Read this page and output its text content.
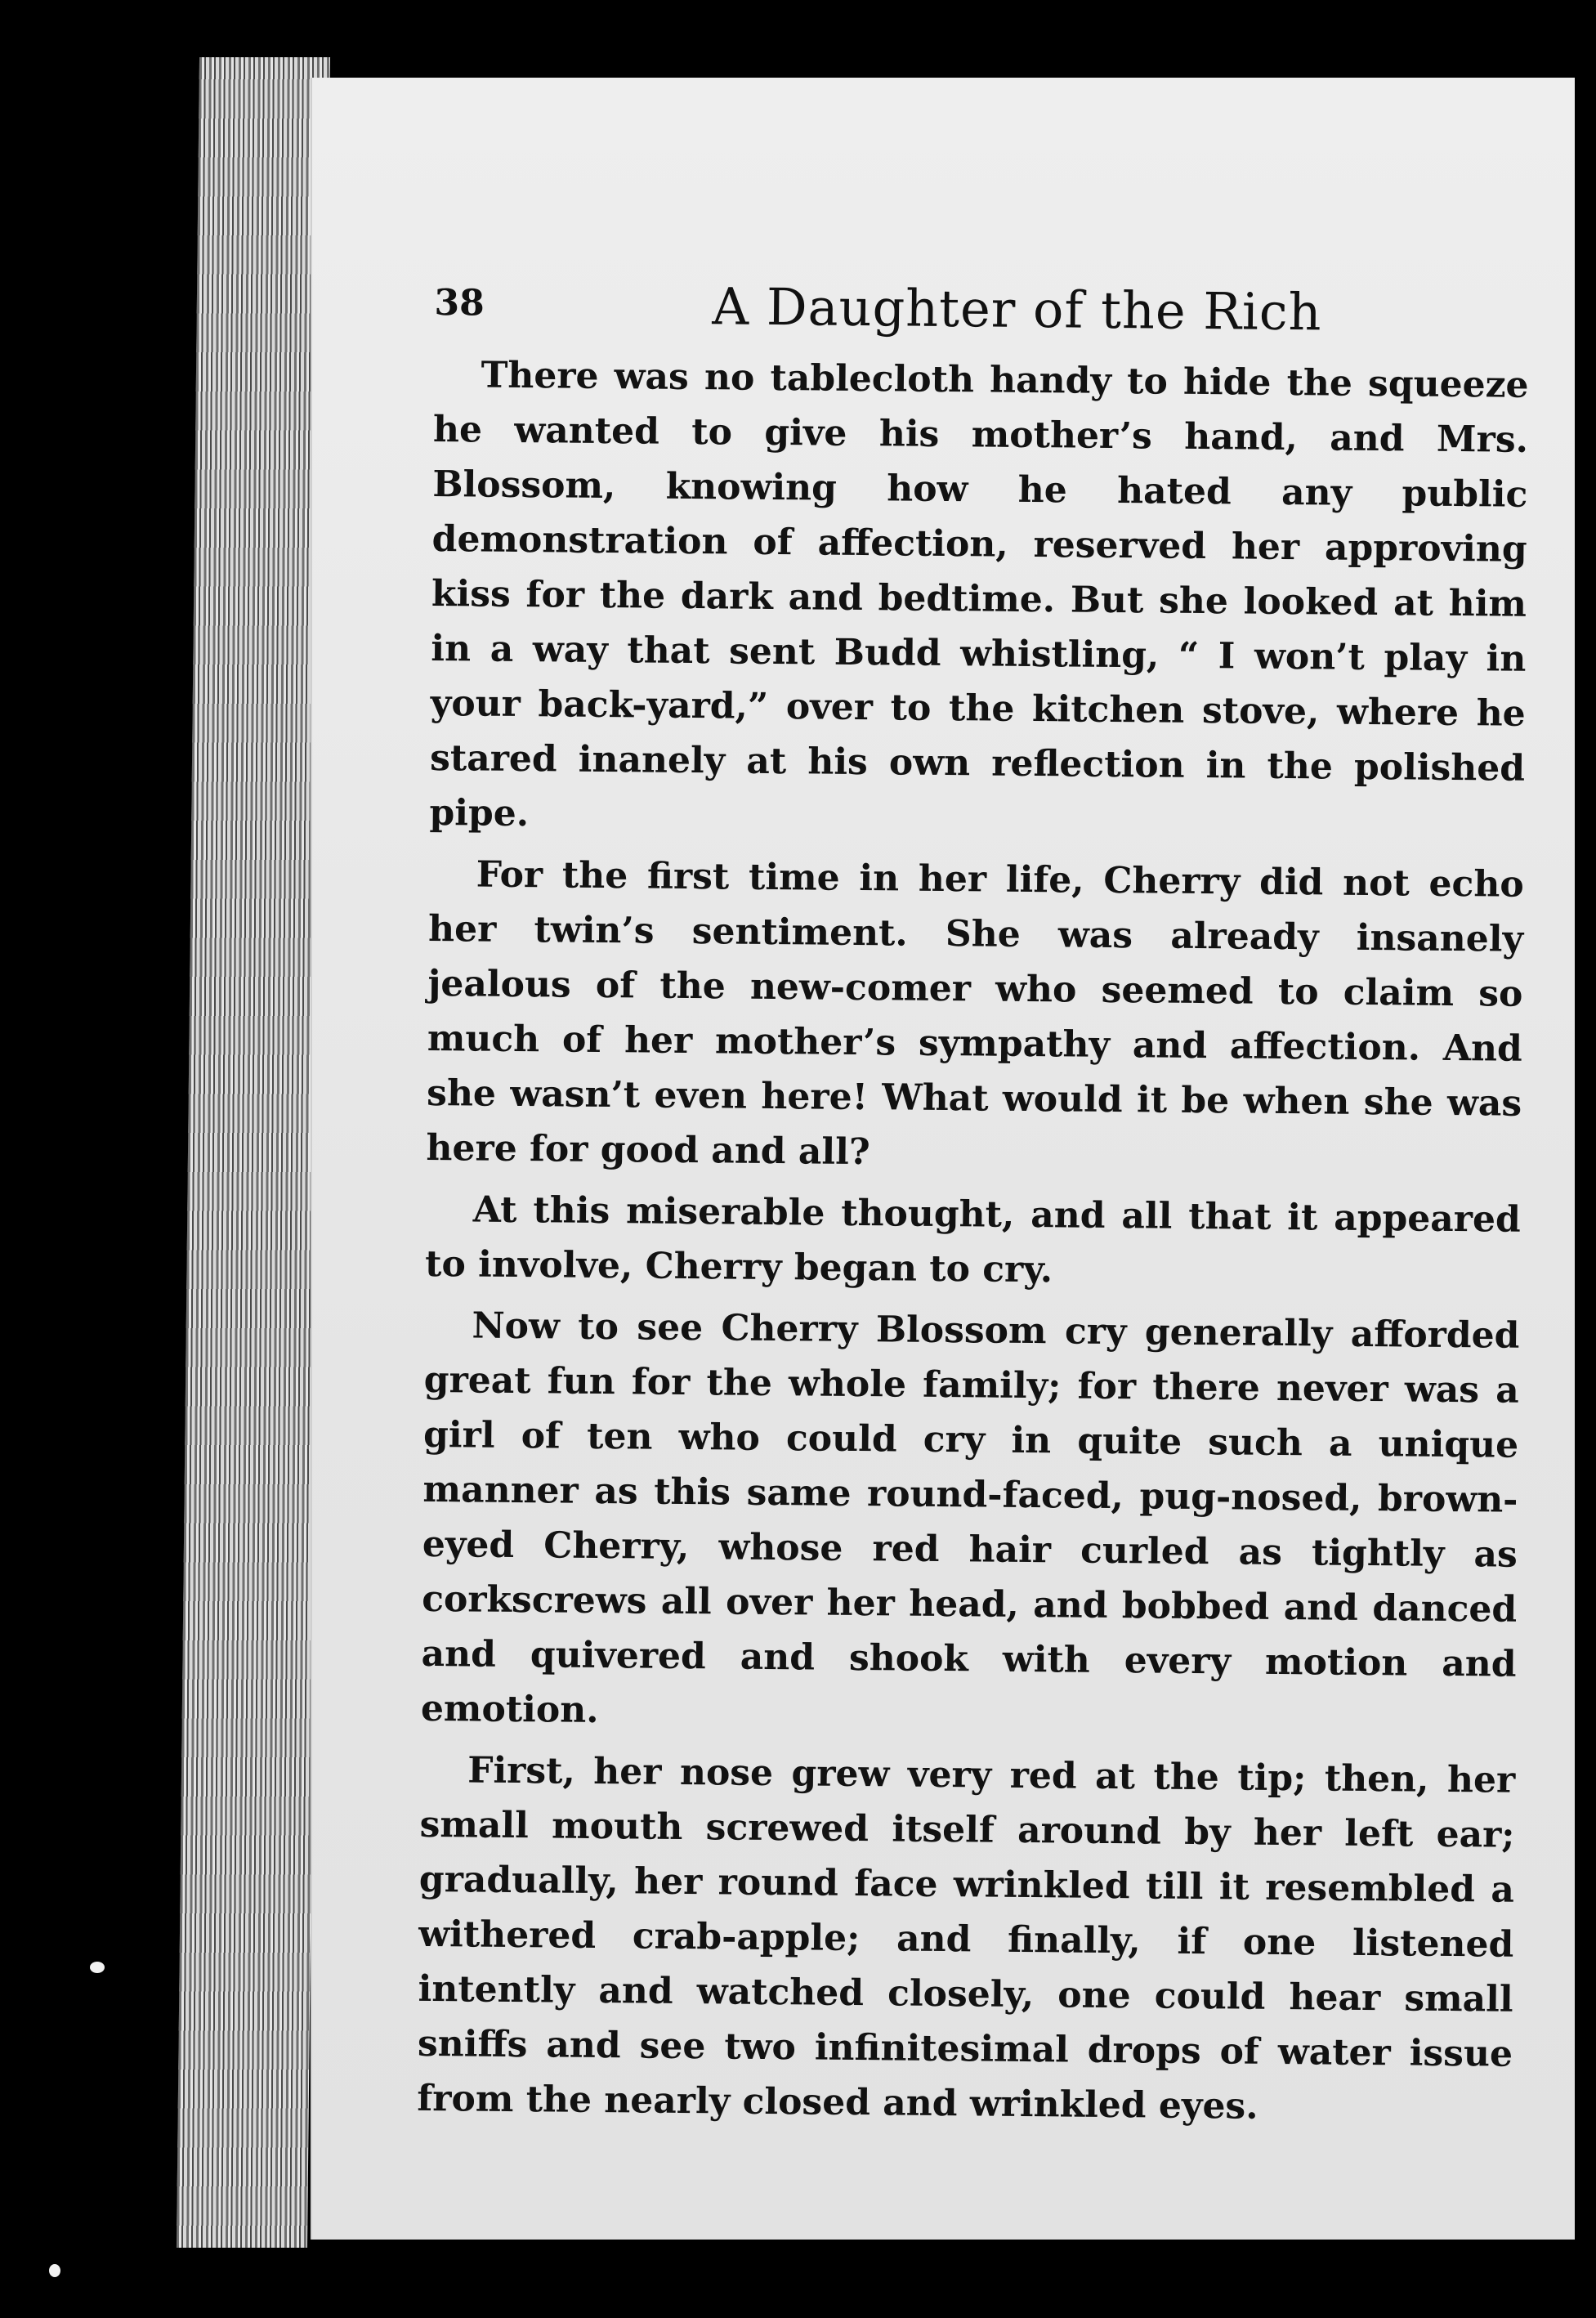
38	A Daughter of the Rich

There was no tablecloth handy to hide the squeeze he wanted to give his mother’s hand, and Mrs. Blossom, knowing how he hated any public demonstration of affection, reserved her approving kiss for the dark and bedtime. But she looked at him in a way that sent Budd whistling, “ I won’t play in your back-yard,” over to the kitchen stove, where he stared inanely at his own reflection in the polished pipe.

For the first time in her life, Cherry did not echo her twin’s sentiment. She was already insanely jealous of the new-comer who seemed to claim so much of her mother’s sympathy and affection. And she wasn’t even here! What would it be when she was here for good and all?

At this miserable thought, and all that it appeared to involve, Cherry began to cry.

Now to see Cherry Blossom cry generally afforded great fun for the whole family; for there never was a girl of ten who could cry in quite such a unique manner as this same round-faced, pug-nosed, brown-eyed Cherry, whose red hair curled as tightly as corkscrews all over her head, and bobbed and danced and quivered and shook with every motion and emotion.

First, her nose grew very red at the tip; then, her small mouth screwed itself around by her left ear; gradually, her round face wrinkled till it resembled a withered crab-apple; and finally, if one listened intently and watched closely, one could hear small sniffs and see two infinitesimal drops of water issue from the nearly closed and wrinkled eyes.
